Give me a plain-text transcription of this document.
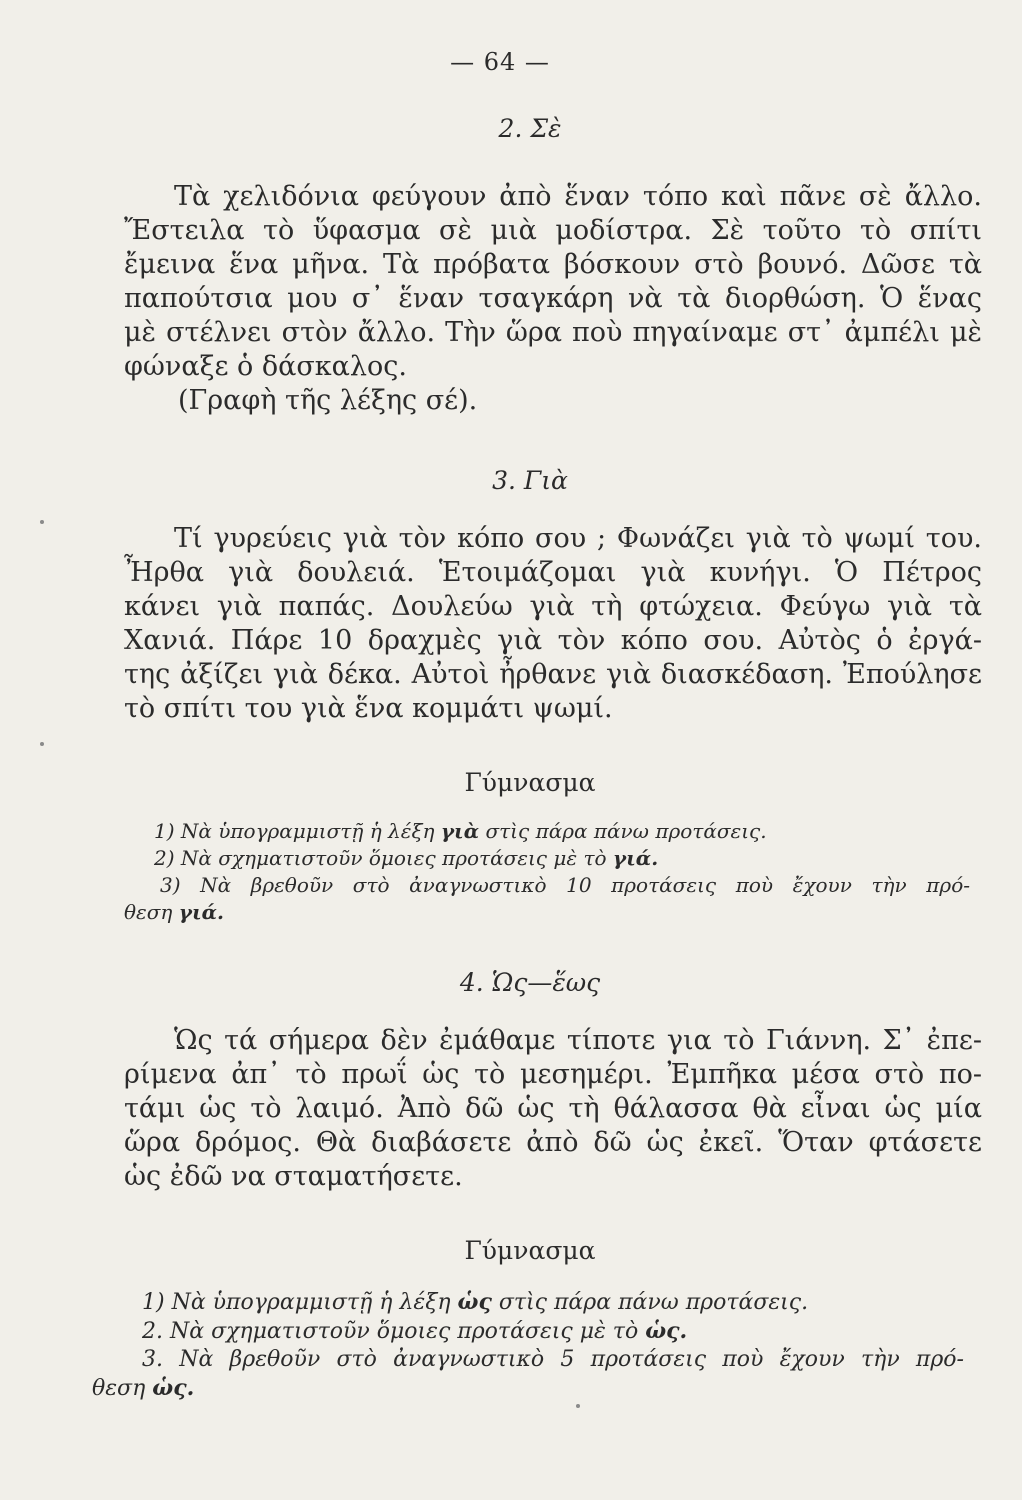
— 64 —
2. Σὲ
Τὰ χελιδόνια φεύγουν ἀπὸ ἕναν τόπο καὶ πᾶνε σὲ ἄλλο.
Ἔστειλα τὸ ὕφασμα σὲ μιὰ μοδίστρα. Σὲ τοῦτο τὸ σπίτι
ἔμεινα ἕνα μῆνα. Τὰ πρόβατα βόσκουν στὸ βουνό. Δῶσε τὰ
παπούτσια μου σ᾽ ἕναν τσαγκάρη νὰ τὰ διορθώση. Ὁ ἕνας
μὲ στέλνει στὸν ἄλλο. Τὴν ὥρα ποὺ πηγαίναμε στ᾽ ἀμπέλι μὲ
φώναξε ὁ δάσκαλος.
(Γραφὴ τῆς λέξης σέ).
3. Γιὰ
Τί γυρεύεις γιὰ τὸν κόπο σου ; Φωνάζει γιὰ τὸ ψωμί του.
Ἦρθα γιὰ δουλειά. Ἑτοιμάζομαι γιὰ κυνήγι. Ὁ Πέτρος
κάνει γιὰ παπάς. Δουλεύω γιὰ τὴ φτώχεια. Φεύγω γιὰ τὰ
Χανιά. Πάρε 10 δραχμὲς γιὰ τὸν κόπο σου. Αὐτὸς ὁ ἐργά-
της ἀξίζει γιὰ δέκα. Αὐτοὶ ἦρθανε γιὰ διασκέδαση. Ἐπούλησε
τὸ σπίτι του γιὰ ἕνα κομμάτι ψωμί.
Γύμνασμα
1) Νὰ ὑπογραμμιστῇ ἡ λέξη γιὰ στὶς πάρα πάνω προτάσεις.
2) Νὰ σχηματιστοῦν ὅμοιες προτάσεις μὲ τὸ γιά.
3) Νὰ βρεθοῦν στὸ ἀναγνωστικὸ 10 προτάσεις ποὺ ἔχουν τὴν πρό-
θεση γιά.
4. Ὡς—ἕως
Ὡς τά σήμερα δὲν ἐμάθαμε τίποτε για τὸ Γιάννη. Σ᾽ ἐπε-
ρίμενα ἀπ᾽ τὸ πρωΐ ὡς τὸ μεσημέρι. Ἐμπῆκα μέσα στὸ πο-
τάμι ὡς τὸ λαιμό. Ἀπὸ δῶ ὡς τὴ θάλασσα θὰ εἶναι ὡς μία
ὥρα δρόμος. Θὰ διαβάσετε ἀπὸ δῶ ὡς ἐκεῖ. Ὅταν φτάσετε
ὡς ἐδῶ να σταματήσετε.
Γύμνασμα
1) Νὰ ὑπογραμμιστῇ ἡ λέξη ὡς στὶς πάρα πάνω προτάσεις.
2. Νὰ σχηματιστοῦν ὅμοιες προτάσεις μὲ τὸ ὡς.
3. Νὰ βρεθοῦν στὸ ἀναγνωστικὸ 5 προτάσεις ποὺ ἔχουν τὴν πρό-
θεση ὡς.
